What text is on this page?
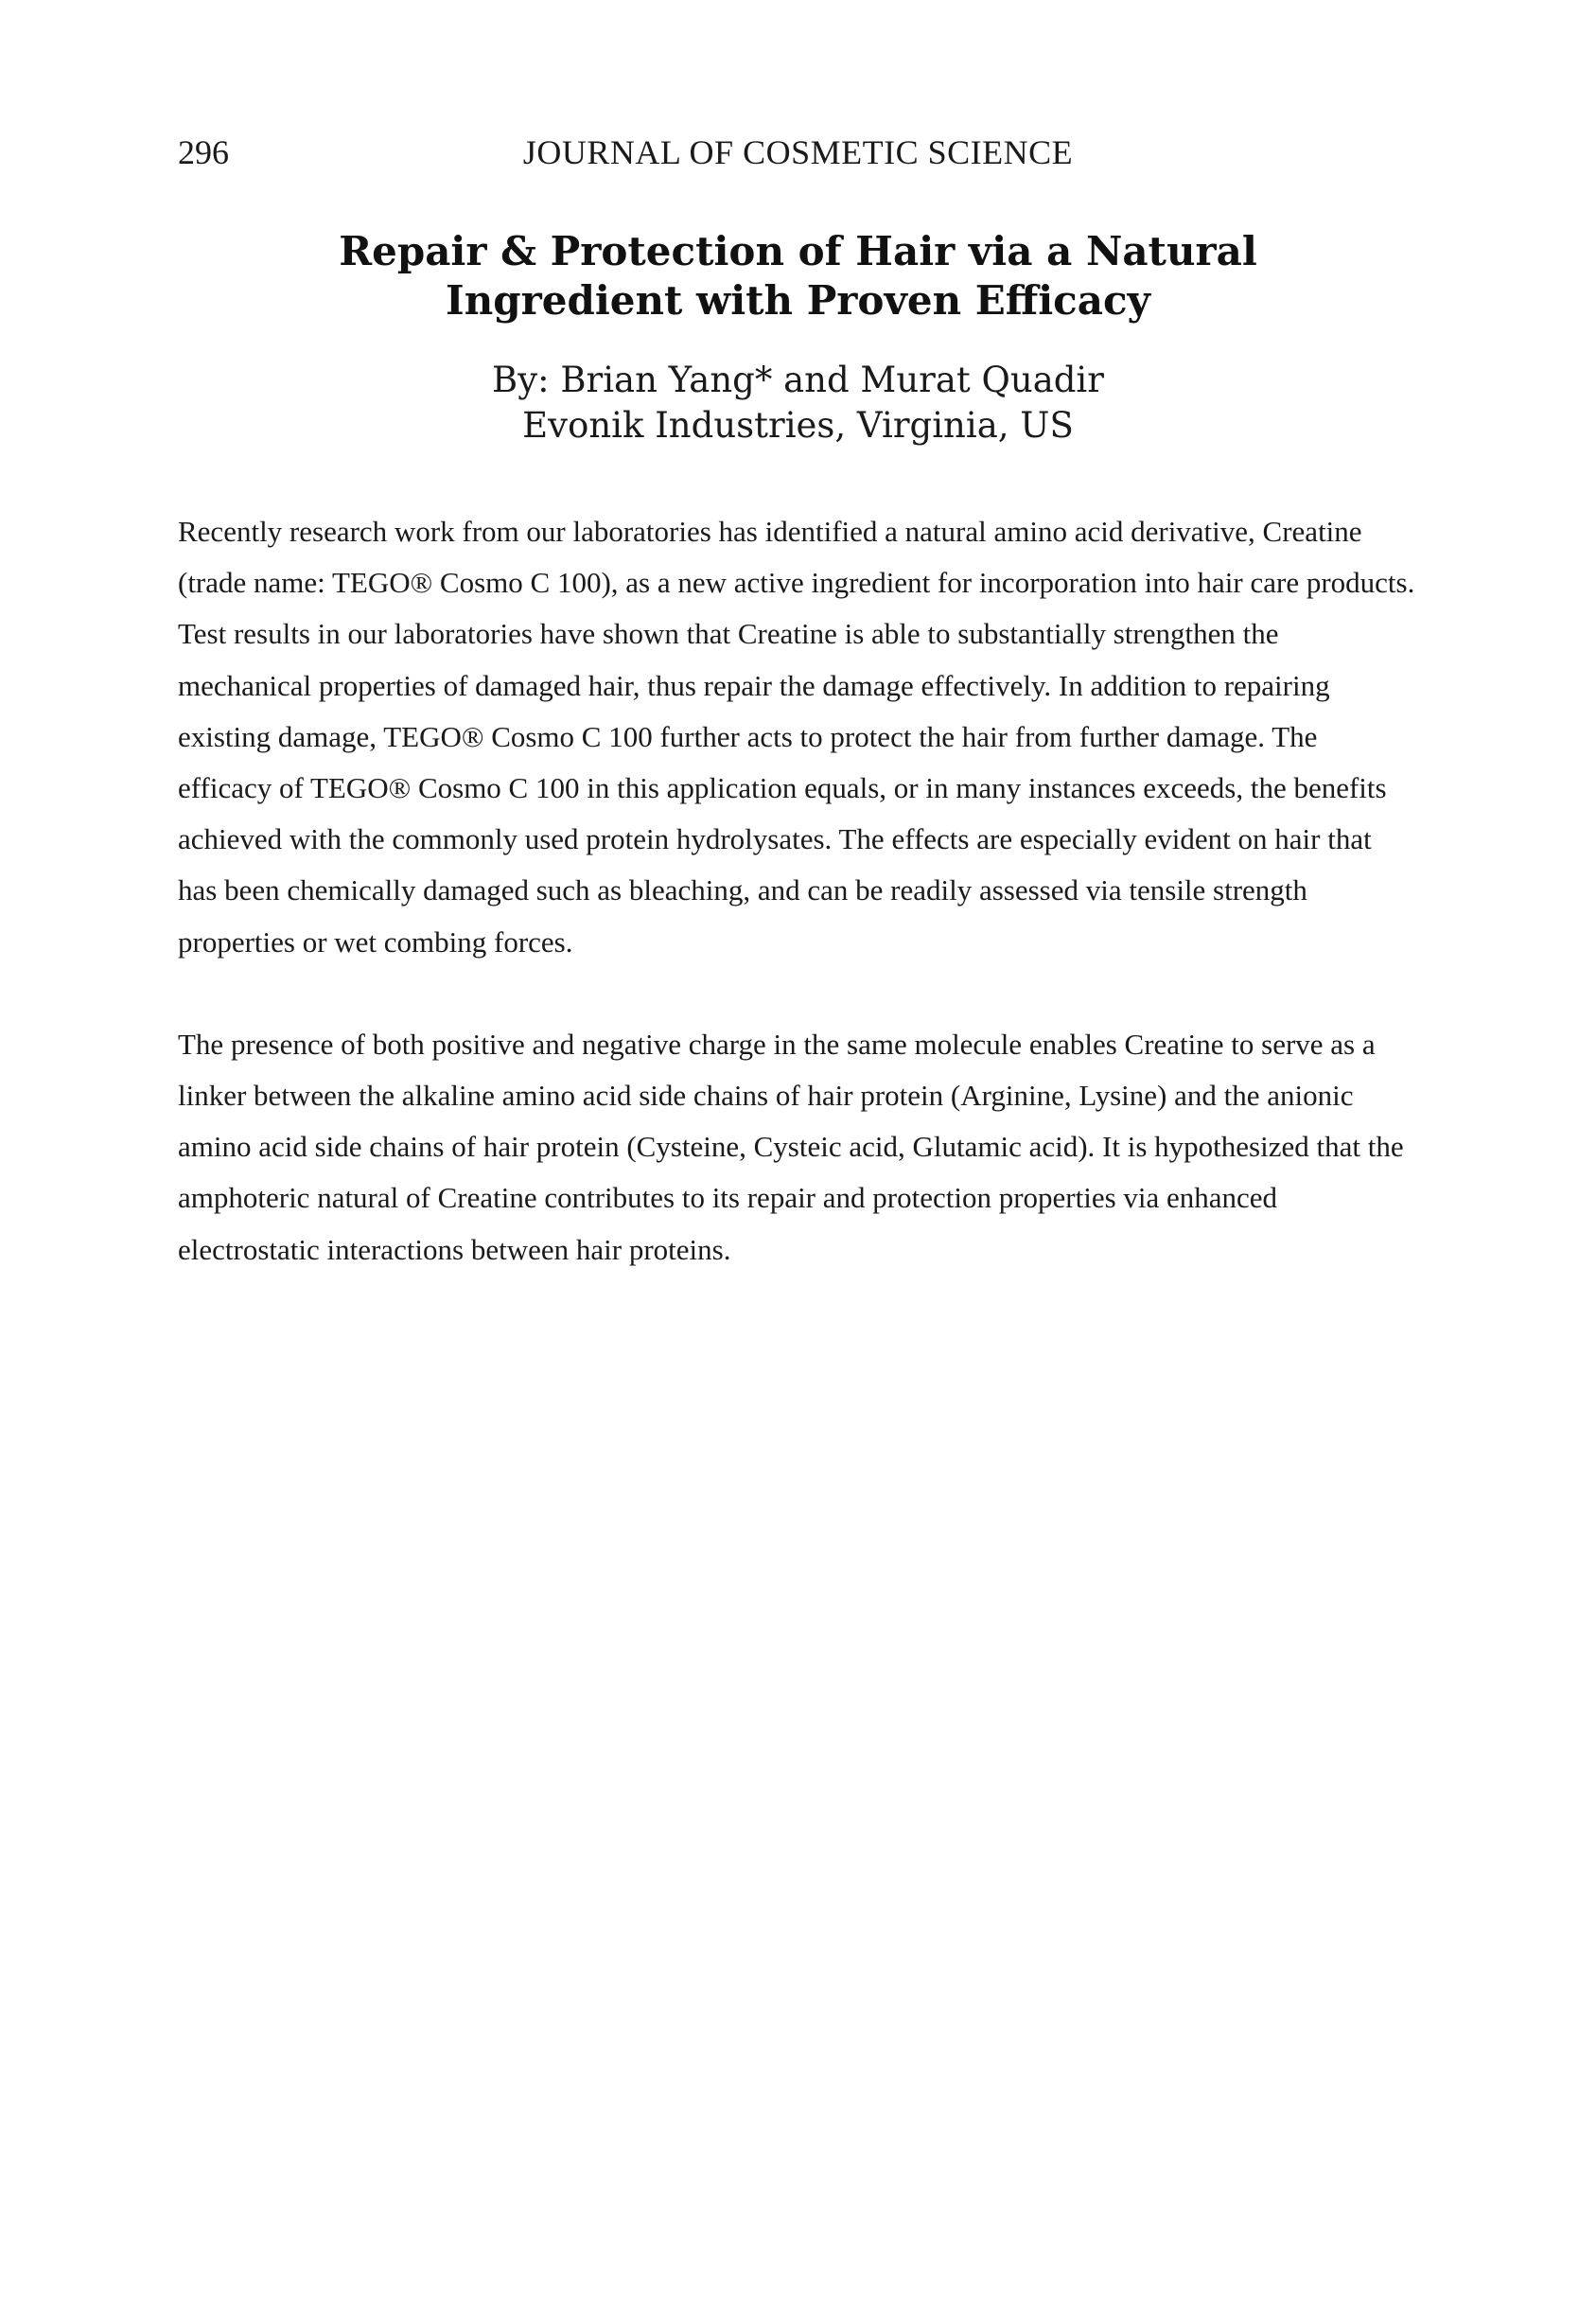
296	JOURNAL OF COSMETIC SCIENCE
Repair & Protection of Hair via a Natural
Ingredient with Proven Efficacy
By: Brian Yang* and Murat Quadir
Evonik Industries, Virginia, US

Recently research work from our laboratories has identified a natural amino acid derivative, Creatine (trade name: TEGO® Cosmo C 100), as a new active ingredient for incorporation into hair care products. Test results in our laboratories have shown that Creatine is able to substantially strengthen the mechanical properties of damaged hair, thus repair the damage effectively. In addition to repairing existing damage, TEGO® Cosmo C 100 further acts to protect the hair from further damage. The efficacy of TEGO® Cosmo C 100 in this application equals, or in many instances exceeds, the benefits achieved with the commonly used protein hydrolysates. The effects are especially evident on hair that has been chemically damaged such as bleaching, and can be readily assessed via tensile strength properties or wet combing forces.

The presence of both positive and negative charge in the same molecule enables Creatine to serve as a linker between the alkaline amino acid side chains of hair protein (Arginine, Lysine) and the anionic amino acid side chains of hair protein (Cysteine, Cysteic acid, Glutamic acid). It is hypothesized that the amphoteric natural of Creatine contributes to its repair and protection properties via enhanced electrostatic interactions between hair proteins.
